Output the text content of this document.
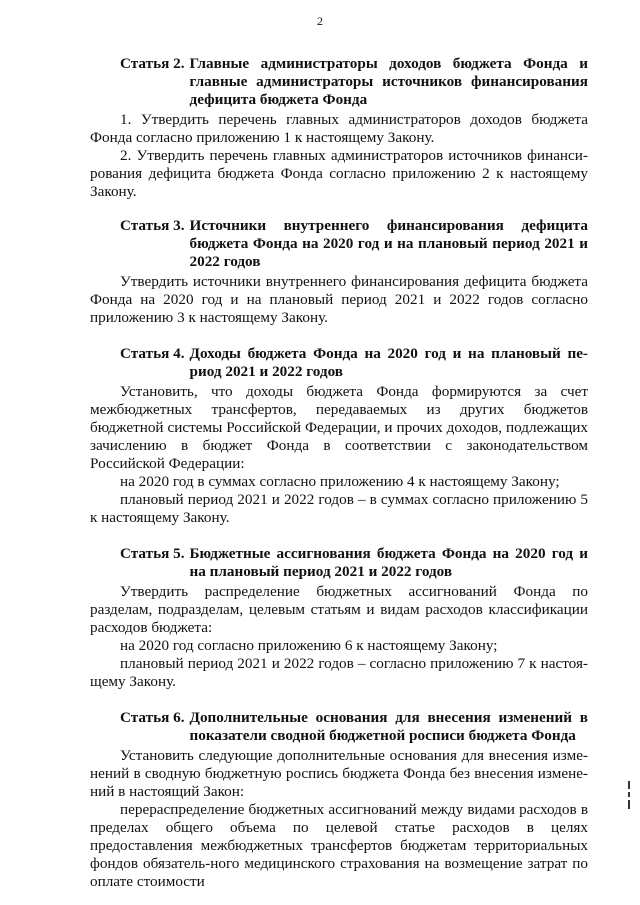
2
Статья 2. Главные администраторы доходов бюджета Фонда и главные администраторы источников финансирования дефицита бюджета Фонда

1. Утвердить перечень главных администраторов доходов бюджета Фонда согласно приложению 1 к настоящему Закону.

2. Утвердить перечень главных администраторов источников финанси-рования дефицита бюджета Фонда согласно приложению 2 к настоящему Закону.

Статья 3. Источники внутреннего финансирования дефицита бюджета Фонда на 2020 год и на плановый период 2021 и 2022 годов

Утвердить источники внутреннего финансирования дефицита бюджета Фонда на 2020 год и на плановый период 2021 и 2022 годов согласно приложению 3 к настоящему Закону.

Статья 4. Доходы бюджета Фонда на 2020 год и на плановый пе-риод 2021 и 2022 годов

Установить, что доходы бюджета Фонда формируются за счет межбюджетных трансфертов, передаваемых из других бюджетов бюджетной системы Российской Федерации, и прочих доходов, подлежащих зачислению в бюджет Фонда в соответствии с законодательством Российской Федерации:

на 2020 год в суммах согласно приложению 4 к настоящему Закону;

плановый период 2021 и 2022 годов – в суммах согласно приложению 5 к настоящему Закону.

Статья 5. Бюджетные ассигнования бюджета Фонда на 2020 год и на плановый период 2021 и 2022 годов

Утвердить распределение бюджетных ассигнований Фонда по разделам, подразделам, целевым статьям и видам расходов классификации расходов бюджета:

на 2020 год согласно приложению 6 к настоящему Закону;

плановый период 2021 и 2022 годов – согласно приложению 7 к настоя-щему Закону.

Статья 6. Дополнительные основания для внесения изменений в показатели сводной бюджетной росписи бюджета Фонда

Установить следующие дополнительные основания для внесения изме-нений в сводную бюджетную роспись бюджета Фонда без внесения измене-ний в настоящий Закон:

перераспределение бюджетных ассигнований между видами расходов в пределах общего объема по целевой статье расходов в целях предоставления межбюджетных трансфертов бюджетам территориальных фондов обязатель-ного медицинского страхования на возмещение затрат по оплате стоимости
